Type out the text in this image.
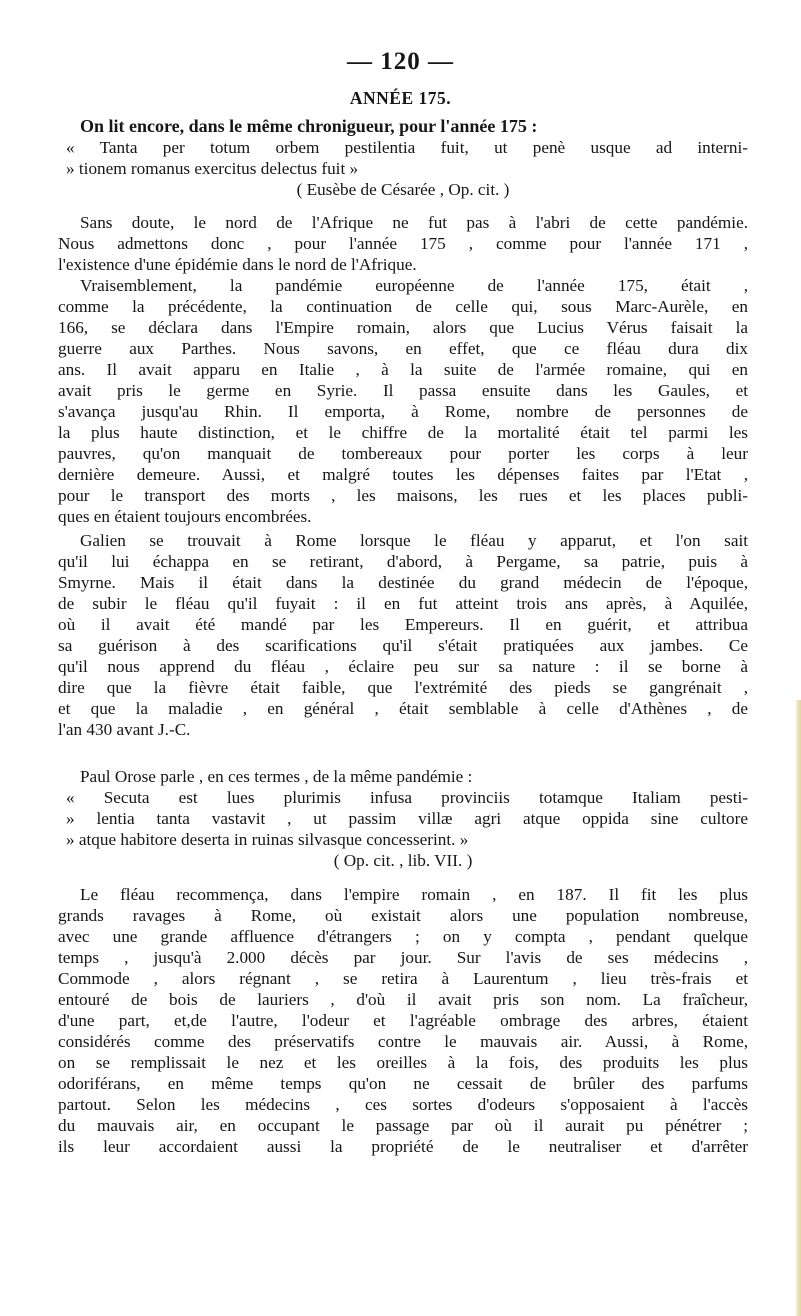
— 120 —
ANNÉE 175.
On lit encore, dans le même chronigueur, pour l'année 175 :
« Tanta per totum orbem pestilentia fuit, ut penè usque ad interni-
» tionem romanus exercitus delectus fuit »
( Eusèbe de Césarée , Op. cit. )
Sans doute, le nord de l'Afrique ne fut pas à l'abri de cette pandémie.
Nous admettons donc , pour l'année 175 , comme pour l'année 171 ,
l'existence d'une épidémie dans le nord de l'Afrique.
Vraisemblement, la pandémie européenne de l'année 175, était ,
comme la précédente, la continuation de celle qui, sous Marc-Aurèle, en
166, se déclara dans l'Empire romain, alors que Lucius Vérus faisait la
guerre aux Parthes. Nous savons, en effet, que ce fléau dura dix
ans. Il avait apparu en Italie , à la suite de l'armée romaine, qui en
avait pris le germe en Syrie. Il passa ensuite dans les Gaules, et
s'avança jusqu'au Rhin. Il emporta, à Rome, nombre de personnes de
la plus haute distinction, et le chiffre de la mortalité était tel parmi les
pauvres, qu'on manquait de tombereaux pour porter les corps à leur
dernière demeure. Aussi, et malgré toutes les dépenses faites par l'Etat ,
pour le transport des morts , les maisons, les rues et les places publi-
ques en étaient toujours encombrées.
Galien se trouvait à Rome lorsque le fléau y apparut, et l'on sait
qu'il lui échappa en se retirant, d'abord, à Pergame, sa patrie, puis à
Smyrne. Mais il était dans la destinée du grand médecin de l'époque,
de subir le fléau qu'il fuyait : il en fut atteint trois ans après, à Aquilée,
où il avait été mandé par les Empereurs. Il en guérit, et attribua
sa guérison à des scarifications qu'il s'était pratiquées aux jambes. Ce
qu'il nous apprend du fléau , éclaire peu sur sa nature : il se borne à
dire que la fièvre était faible, que l'extrémité des pieds se gangrénait ,
et que la maladie , en général , était semblable à celle d'Athènes , de
l'an 430 avant J.-C.
Paul Orose parle , en ces termes , de la même pandémie :
« Secuta est lues plurimis infusa provinciis totamque Italiam pesti-
» lentia tanta vastavit , ut passim villæ agri atque oppida sine cultore
» atque habitore deserta in ruinas silvasque concesserint. »
( Op. cit. , lib. VII. )
Le fléau recommença, dans l'empire romain , en 187. Il fit les plus
grands ravages à Rome, où existait alors une population nombreuse,
avec une grande affluence d'étrangers ; on y compta , pendant quelque
temps , jusqu'à 2.000 décès par jour. Sur l'avis de ses médecins ,
Commode , alors régnant , se retira à Laurentum , lieu très-frais et
entouré de bois de lauriers , d'où il avait pris son nom. La fraîcheur,
d'une part, et,de l'autre, l'odeur et l'agréable ombrage des arbres, étaient
considérés comme des préservatifs contre le mauvais air. Aussi, à Rome,
on se remplissait le nez et les oreilles à la fois, des produits les plus
odoriférans, en même temps qu'on ne cessait de brûler des parfums
partout. Selon les médecins , ces sortes d'odeurs s'opposaient à l'accès
du mauvais air, en occupant le passage par où il aurait pu pénétrer ;
ils leur accordaient aussi la propriété de le neutraliser et d'arrêter
